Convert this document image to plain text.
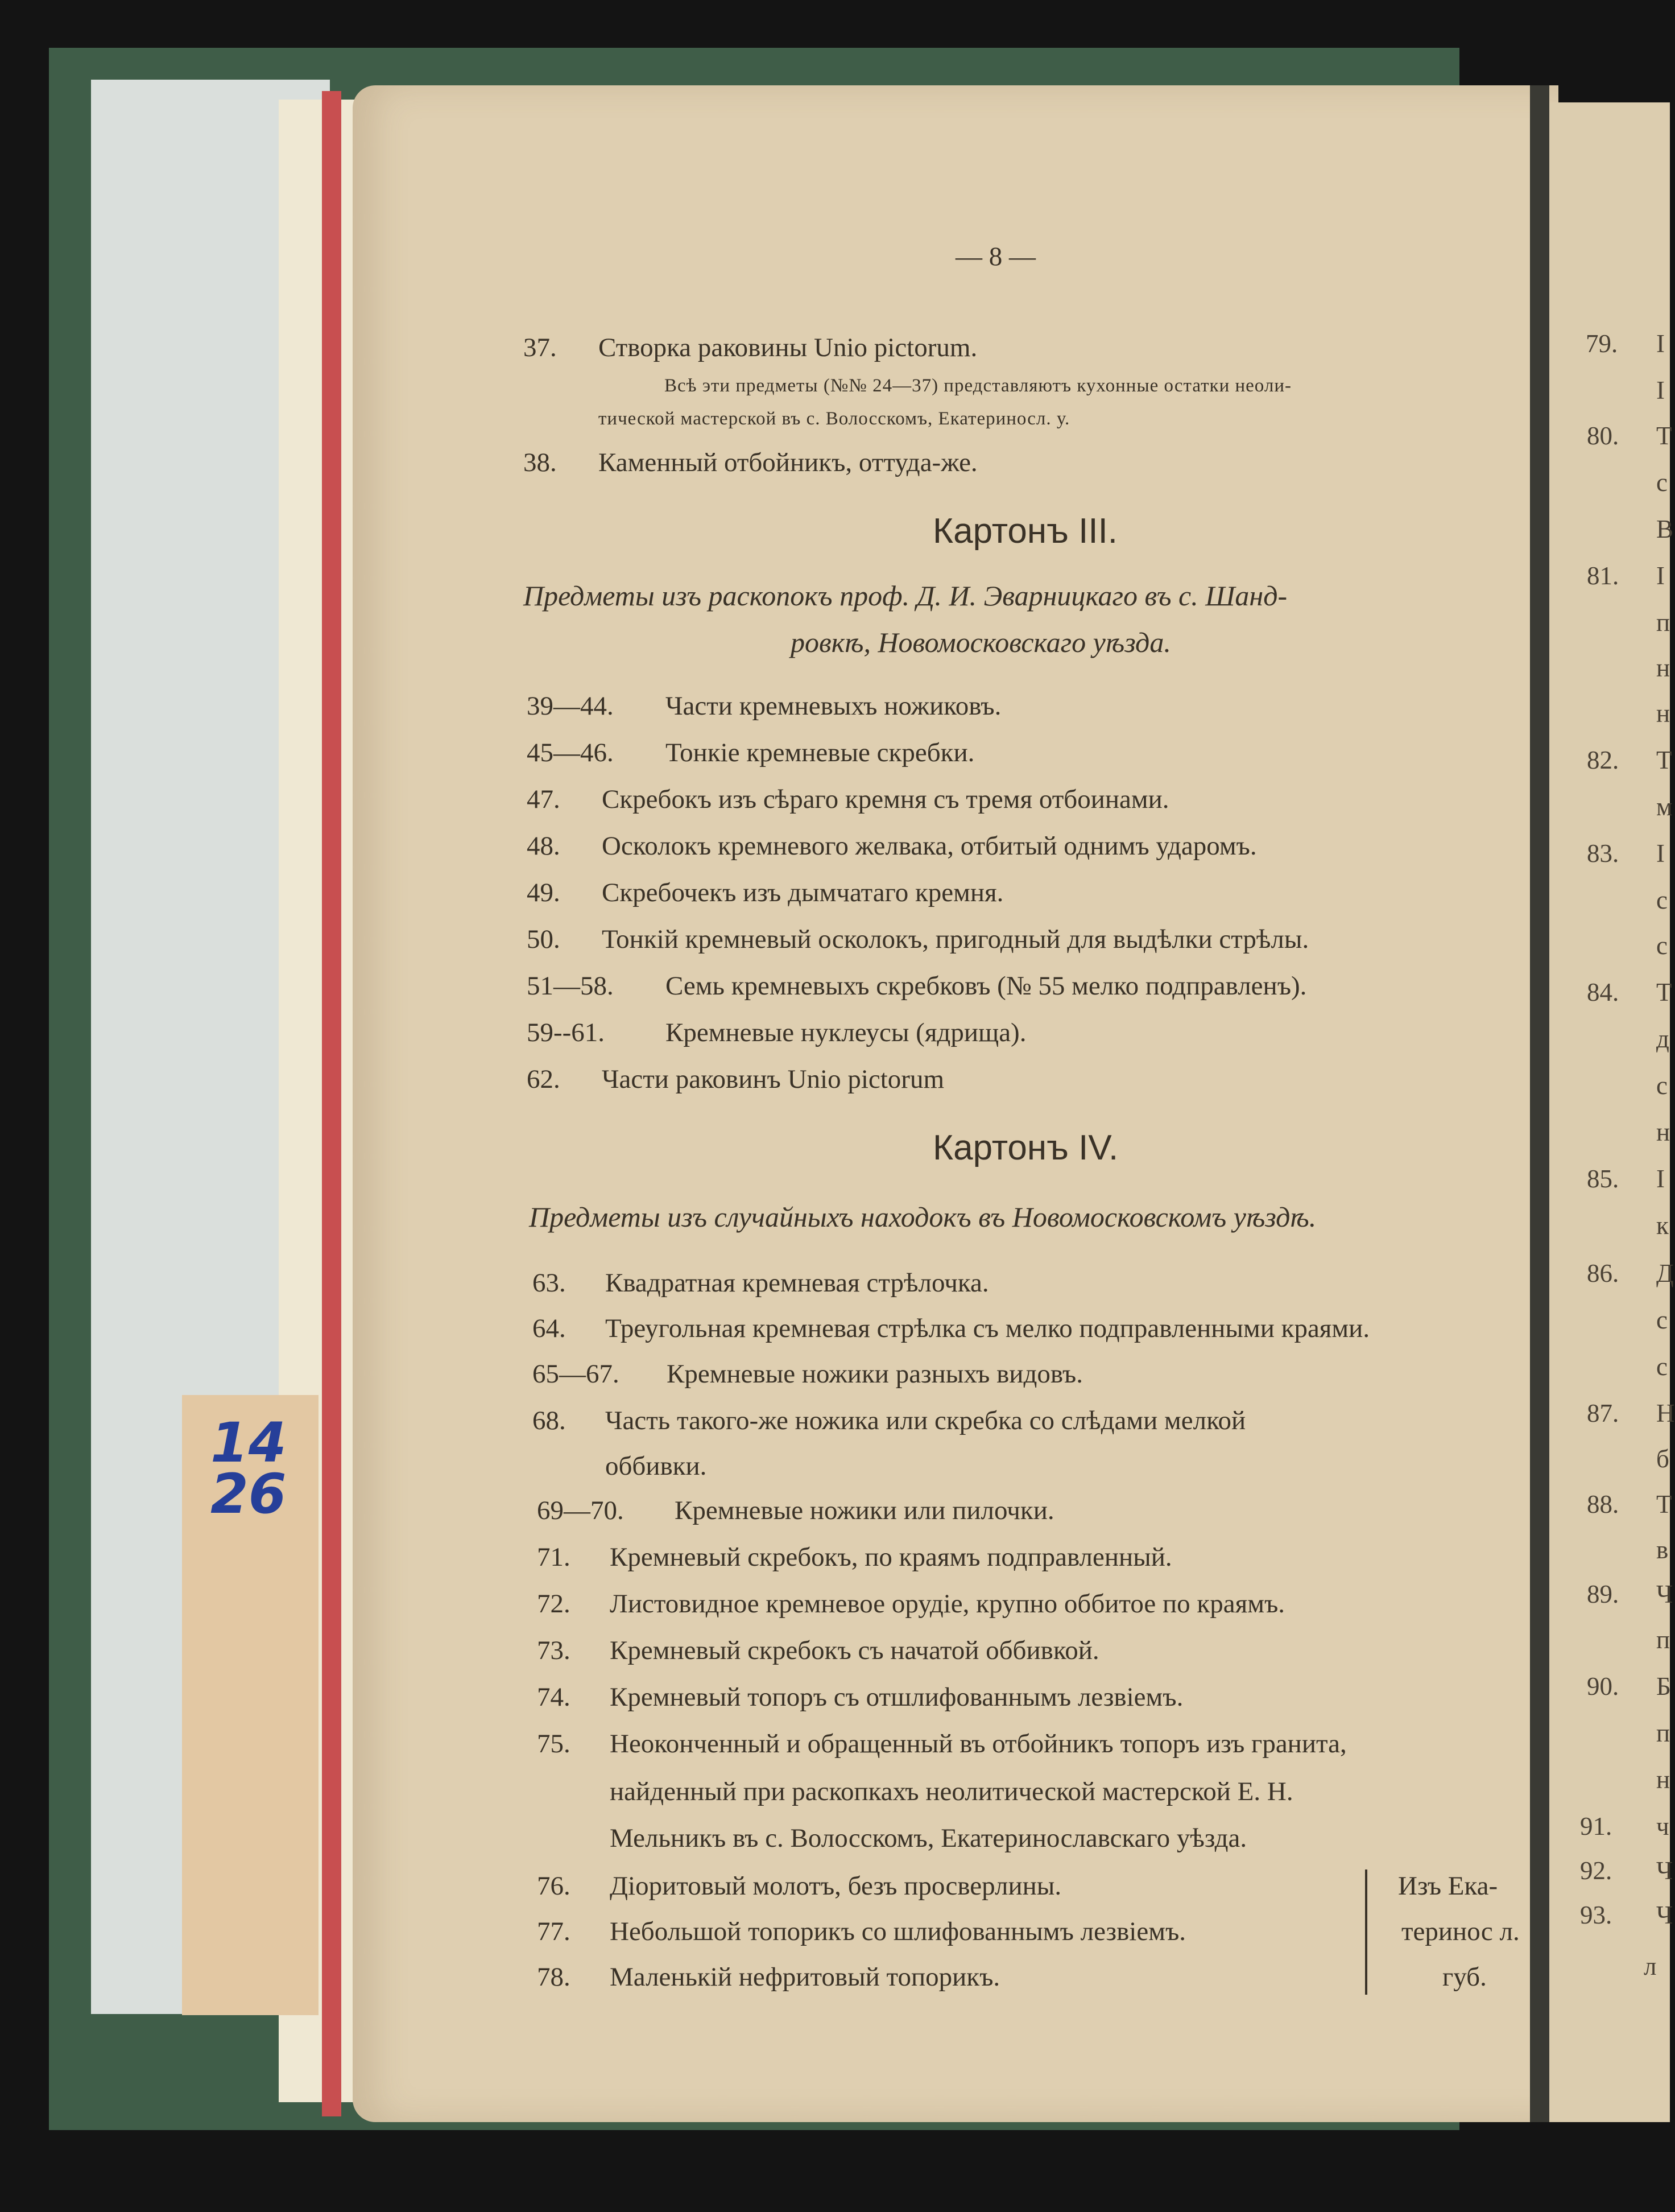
14
26
— 8 —
37. Створка раковины Unio pictorum.
Всѣ эти предметы (№№ 24—37) представляютъ кухонные остатки неоли-
тической мастерской въ с. Волосскомъ, Екатериносл. у.
38. Каменный отбойникъ, оттуда-же.
Картонъ III.
Предметы изъ раскопокъ проф. Д. И. Эварницкаго въ с. Шанд-
ровкѣ, Новомосковскаго уѣзда.
39—44. Части кремневыхъ ножиковъ.
45—46. Тонкіе кремневые скребки.
47. Скребокъ изъ сѣраго кремня съ тремя отбоинами.
48. Осколокъ кремневого желвака, отбитый однимъ ударомъ.
49. Скребочекъ изъ дымчатаго кремня.
50. Тонкій кремневый осколокъ, пригодный для выдѣлки стрѣлы.
51—58. Семь кремневыхъ скребковъ (№ 55 мелко подправленъ).
59--61. Кремневые нуклеусы (ядрища).
62. Части раковинъ Unio pictorum
Картонъ IV.
Предметы изъ случайныхъ находокъ въ Новомосковскомъ уѣздѣ.
63. Квадратная кремневая стрѣлочка.
64. Треугольная кремневая стрѣлка съ мелко подправленными краями.
65—67. Кремневые ножики разныхъ видовъ.
68. Часть такого-же ножика или скребка со слѣдами мелкой
оббивки.
69—70. Кремневые ножики или пилочки.
71. Кремневый скребокъ, по краямъ подправленный.
72. Листовидное кремневое орудіе, крупно оббитое по краямъ.
73. Кремневый скребокъ съ начатой оббивкой.
74. Кремневый топоръ съ отшлифованнымъ лезвіемъ.
75. Неоконченный и обращенный въ отбойникъ топоръ изъ гранита,
найденный при раскопкахъ неолитической мастерской Е. Н.
Мельникъ въ с. Волосскомъ, Екатеринославскаго уѣзда.
76. Діоритовый молотъ, безъ просверлины.
77. Небольшой топорикъ со шлифованнымъ лезвіемъ.
78. Маленькій нефритовый топорикъ.
Изъ Ека-
теринос л.
губ.
79.
80.
81.
82.
83.
84.
85.
86.
87.
88.
89.
90.
91.
92.
93.
I
I
T
c
B
I
п
н
н
T
м
I
с
с
T
д
с
н
I
к
Д
с
с
Н
б
T
в
Ч
п
Б
п
н
ч
Ч
Ч
л
